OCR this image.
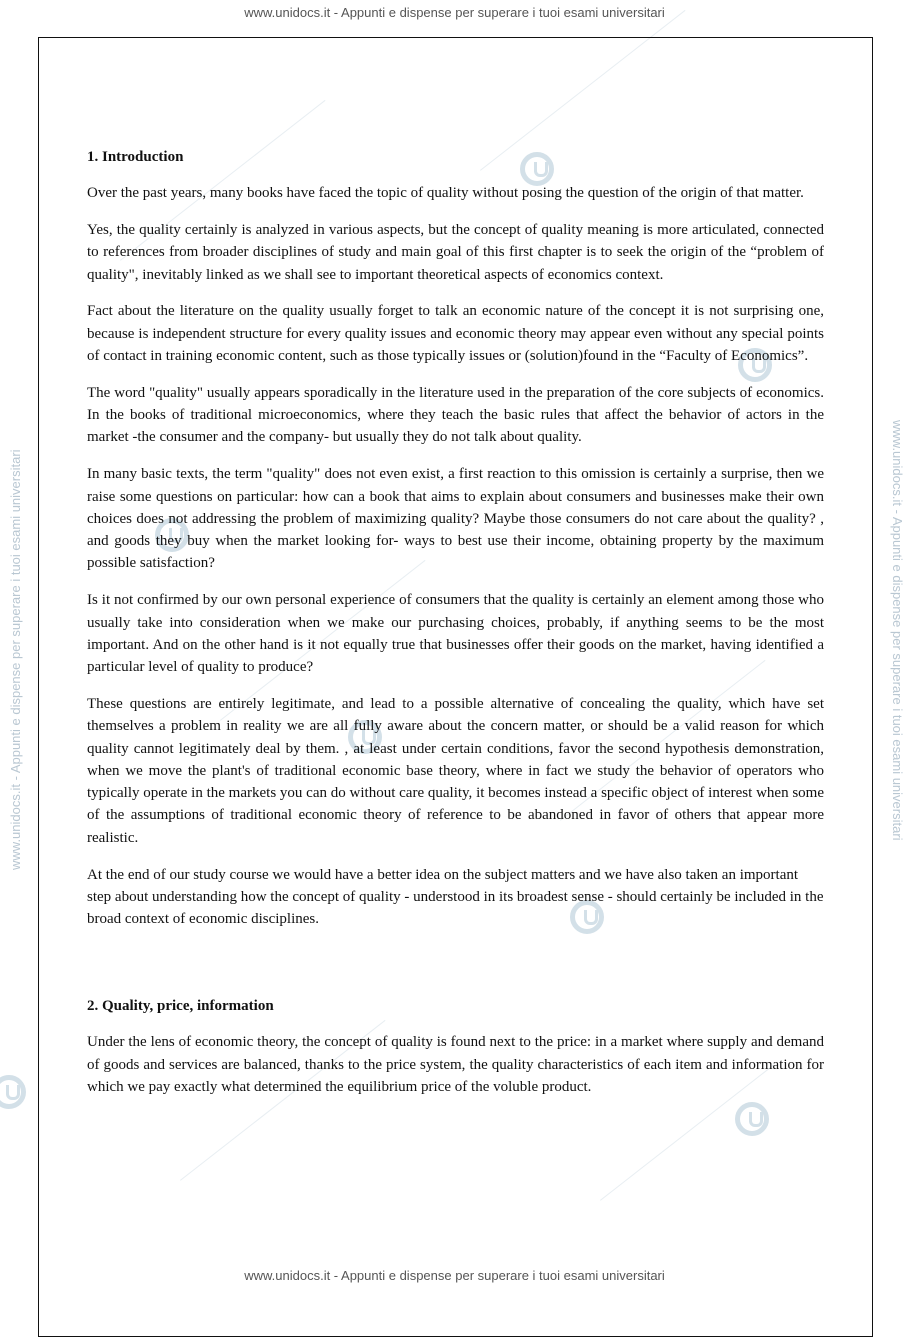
www.unidocs.it - Appunti e dispense per superare i tuoi esami universitari
www.unidocs.it - Appunti e dispense per superare i tuoi esami universitari
www.unidocs.it - Appunti e dispense per superare i tuoi esami universitari	www.unidocs.it - Appunti e dispense per superare i tuoi esami universitari
1. Introduction

Over the past years, many books have faced the topic of quality without posing the question of the origin of that matter.

Yes, the quality certainly is analyzed in various aspects, but the concept of quality meaning is more articulated, connected to references from broader disciplines of study and main goal of this first chapter is to seek the origin of the “problem of quality", inevitably linked as we shall see to important theoretical aspects of economics context.

Fact about the literature on the quality usually forget to talk an economic nature of the concept it is not surprising one, because is independent structure for every quality issues and economic theory may appear even without any special points of contact in training economic content, such as those typically issues or (solution)found in the “Faculty of Economics”.

The word "quality" usually appears sporadically in the literature used in the preparation of the core subjects of economics. In the books of traditional microeconomics, where they teach the basic rules that affect the behavior of actors in the market -the consumer and the company- but usually they do not talk about quality.

In many basic texts, the term "quality" does not even exist, a first reaction to this omission is certainly a surprise, then we raise some questions on particular: how can a book that aims to explain about consumers and businesses make their own choices does not addressing the problem of maximizing quality? Maybe those consumers do not care about the quality? , and goods they buy when the market looking for- ways to best use their income, obtaining property by the maximum possible satisfaction?

Is it not confirmed by our own personal experience of consumers that the quality is certainly an element among those who usually take into consideration when we make our purchasing choices, probably, if anything seems to be the most important. And on the other hand is it not equally true that businesses offer their goods on the market, having identified a particular level of quality to produce?

These questions are entirely legitimate, and lead to a possible alternative of concealing the quality, which have set themselves a problem in reality we are all fully aware about the concern matter, or should be a valid reason for which quality cannot legitimately deal by them. , at least under certain conditions, favor the second hypothesis demonstration, when we move the plant's of traditional economic base theory, where in fact we study the behavior of operators who typically operate in the markets you can do without care quality, it becomes instead a specific object of interest when some of the assumptions of traditional economic theory of reference to be abandoned in favor of others that appear more realistic.

At the end of our study course we would have a better idea on the subject matters and we have also taken an important step about understanding how the concept of quality - understood in its broadest sense - should certainly be included in the broad context of economic disciplines.

2. Quality, price, information

Under the lens of economic theory, the concept of quality is found next to the price: in a market where supply and demand of goods and services are balanced, thanks to the price system, the quality characteristics of each item and information for which we pay exactly what determined the equilibrium price of the voluble product.
